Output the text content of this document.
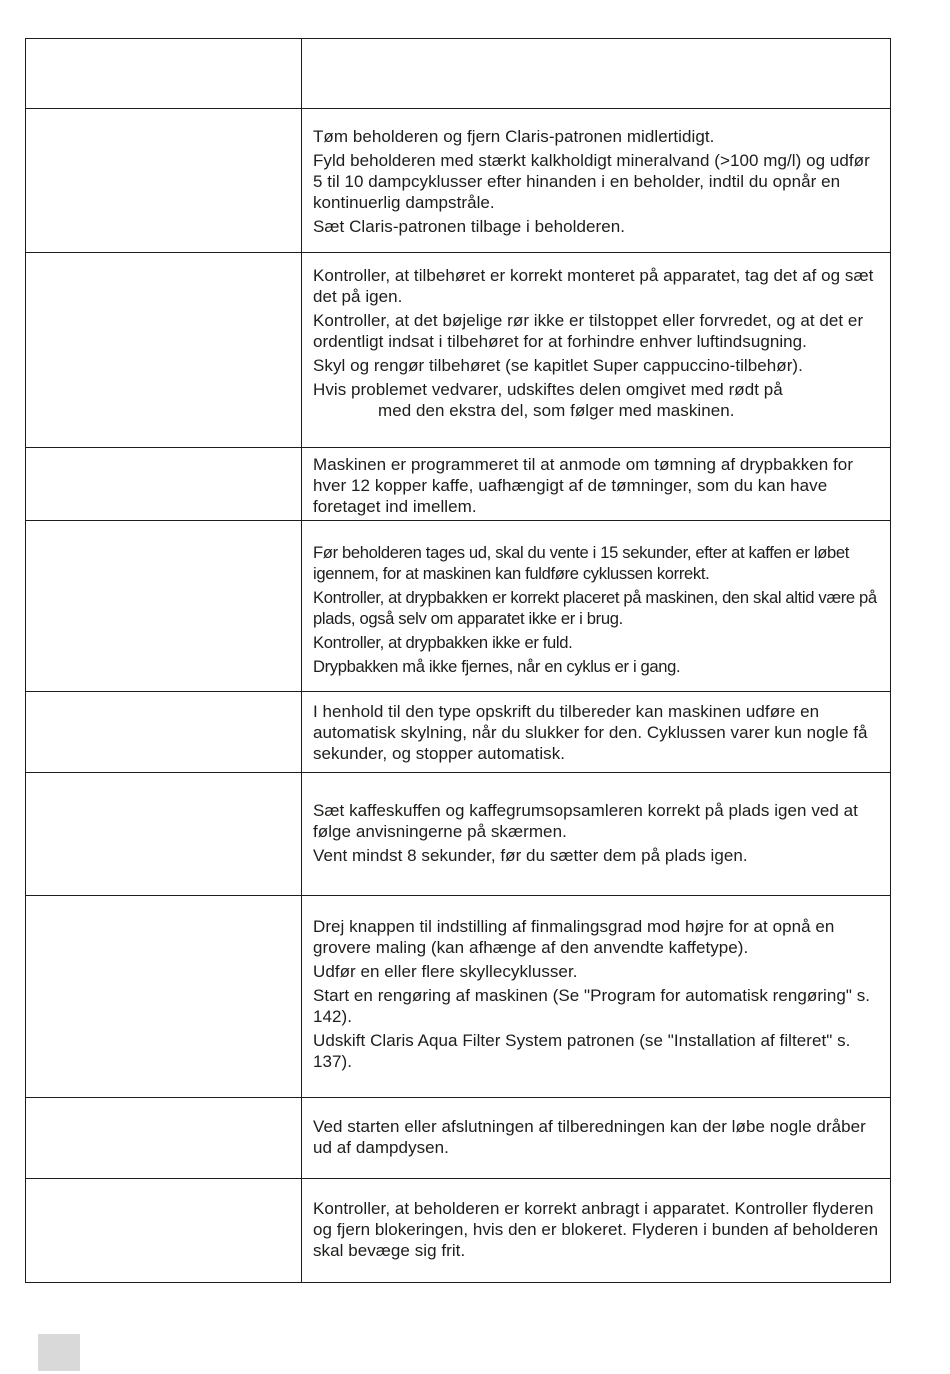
	Tøm beholderen og fjern Claris-patronen midlertidigt.

Fyld beholderen med stærkt kalkholdigt mineralvand (>100 mg/l) og udfør 5 til 10 dampcyklusser efter hinanden i en beholder, indtil du opnår en kontinuerlig dampstråle.

Sæt Claris-patronen tilbage i beholderen.

	Kontroller, at tilbehøret er korrekt monteret på apparatet, tag det af og sæt det på igen.

Kontroller, at det bøjelige rør ikke er tilstoppet eller forvredet, og at det er ordentligt indsat i tilbehøret for at forhindre enhver luftindsugning.

Skyl og rengør tilbehøret (se kapitlet Super cappuccino-tilbehør).

Hvis problemet vedvarer, udskiftes delen omgivet med rødt på
med den ekstra del, som følger med maskinen.

	Maskinen er programmeret til at anmode om tømning af drypbakken for hver 12 kopper kaffe, uafhængigt af de tømninger, som du kan have foretaget ind imellem.

	Før beholderen tages ud, skal du vente i 15 sekunder, efter at kaffen er løbet igennem, for at maskinen kan fuldføre cyklussen korrekt.

Kontroller, at drypbakken er korrekt placeret på maskinen, den skal altid være på plads, også selv om apparatet ikke er i brug.

Kontroller, at drypbakken ikke er fuld.

Drypbakken må ikke fjernes, når en cyklus er i gang.

	I henhold til den type opskrift du tilbereder kan maskinen udføre en automatisk skylning, når du slukker for den. Cyklussen varer kun nogle få sekunder, og stopper automatisk.

	Sæt kaffeskuffen og kaffegrumsopsamleren korrekt på plads igen ved at følge anvisningerne på skærmen.

Vent mindst 8 sekunder, før du sætter dem på plads igen.

	Drej knappen til indstilling af finmalingsgrad mod højre for at opnå en grovere maling (kan afhænge af den anvendte kaffetype).

Udfør en eller flere skyllecyklusser.

Start en rengøring af maskinen (Se "Program for automatisk rengøring" s. 142).

Udskift Claris Aqua Filter System patronen (se "Installation af filteret" s. 137).

	Ved starten eller afslutningen af tilberedningen kan der løbe nogle dråber ud af dampdysen.

	Kontroller, at beholderen er korrekt anbragt i apparatet. Kontroller flyderen og fjern blokeringen, hvis den er blokeret. Flyderen i bunden af beholderen skal bevæge sig frit.
